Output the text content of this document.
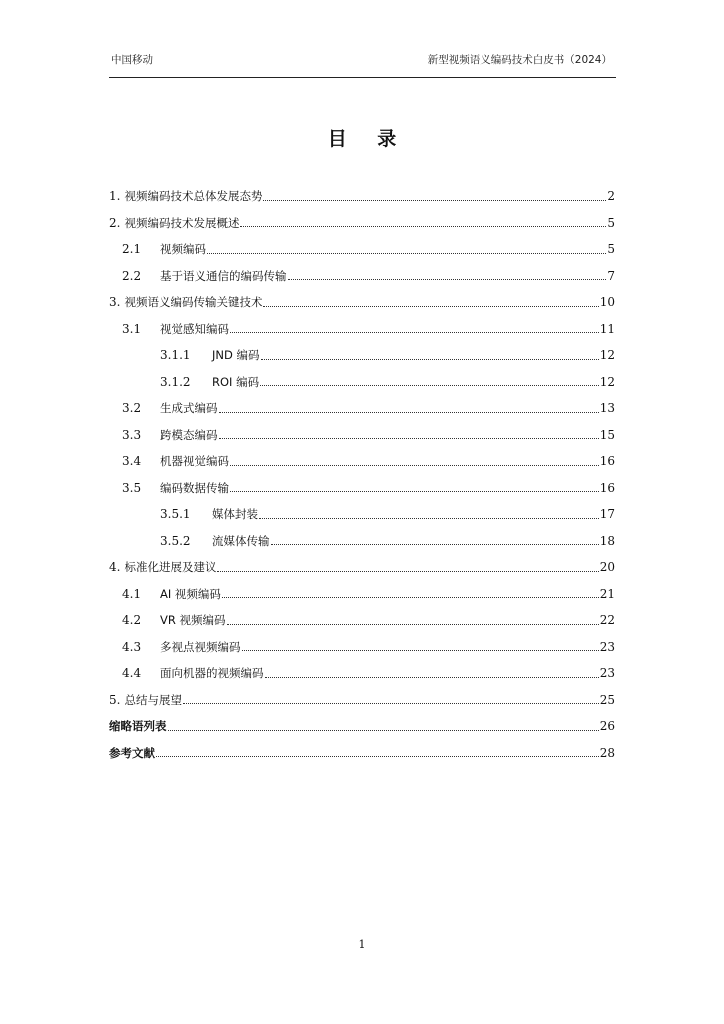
中国移动	新型视频语义编码技术白皮书（2024）
目 录
1. 视频编码技术总体发展态势	2
2. 视频编码技术发展概述	5
2.1	视频编码	5
2.2	基于语义通信的编码传输	7
3. 视频语义编码传输关键技术	10
3.1	视觉感知编码	11
3.1.1	JND 编码	12
3.1.2	ROI 编码	12
3.2	生成式编码	13
3.3	跨模态编码	15
3.4	机器视觉编码	16
3.5	编码数据传输	16
3.5.1	媒体封装	17
3.5.2	流媒体传输	18
4. 标准化进展及建议	20
4.1	AI 视频编码	21
4.2	VR 视频编码	22
4.3	多视点视频编码	23
4.4	面向机器的视频编码	23
5. 总结与展望	25
缩略语列表	26
参考文献	28
1
